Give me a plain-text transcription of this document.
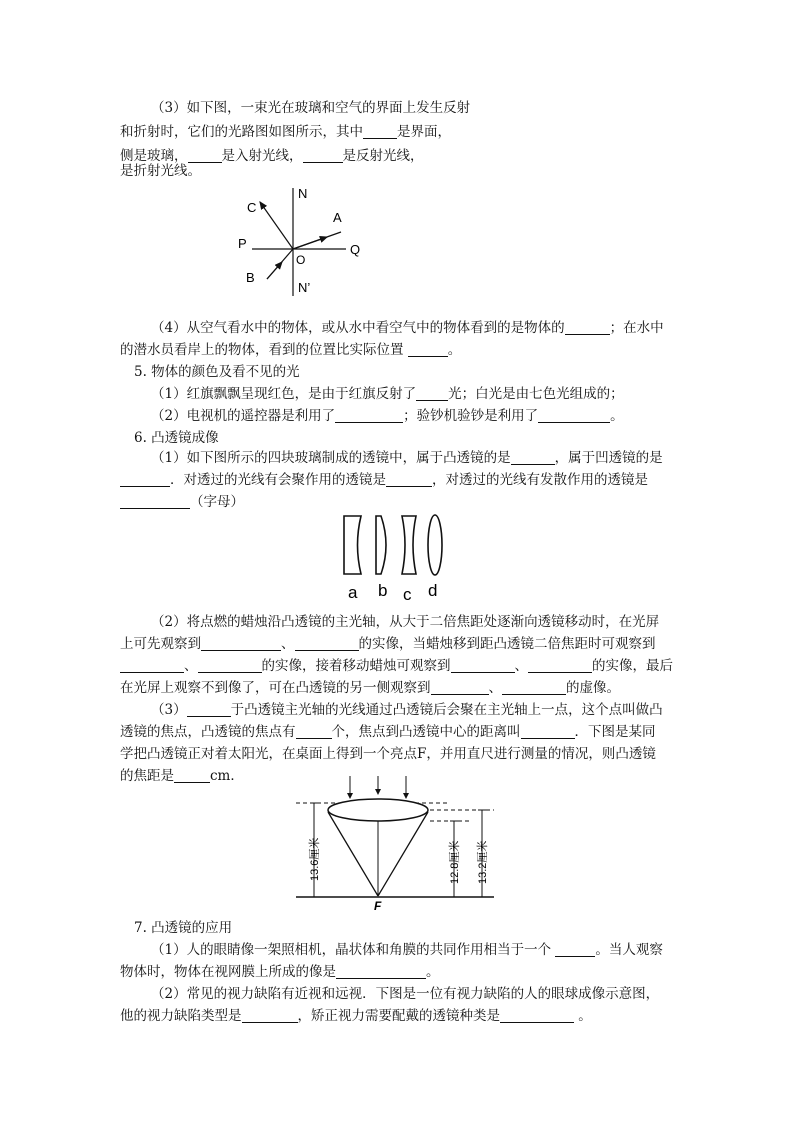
（3）如下图，一束光在玻璃和空气的界面上发生反射
和折射时，它们的光路图如图所示，其中	是界面，
侧是玻璃，	是入射光线，	是反射光线，
是折射光线。
N
N’
P	Q
O
A
B
C
（4）从空气看水中的物体，或从水中看空气中的物体看到的是物体的	；在水中
的潜水员看岸上的物体，看到的位置比实际位置	。
5. 物体的颜色及看不见的光
（1）红旗飘飘呈现红色，是由于红旗反射了 光；白光是由七色光组成的；
（2）电视机的遥控器是利用了	；验钞机验钞是利用了	。
6. 凸透镜成像
（1）如下图所示的四块玻璃制成的透镜中，属于凸透镜的是	，属于凹透镜的是
．对透过的光线有会聚作用的透镜是	，对透过的光线有发散作用的透镜是
（字母）
a b c d
（2）将点燃的蜡烛沿凸透镜的主光轴，从大于二倍焦距处逐渐向透镜移动时，在光屏
上可先观察到	、	的实像，当蜡烛移到距凸透镜二倍焦距时可观察到
、	的实像，接着移动蜡烛可观察到	、	的实像，最后
在光屏上观察不到像了，可在凸透镜的另一侧观察到	、	的虚像。
（3）	于凸透镜主光轴的光线通过凸透镜后会聚在主光轴上一点，这个点叫做凸
透镜的焦点，凸透镜的焦点有	个，焦点到凸透镜中心的距离叫	．下图是某同
学把凸透镜正对着太阳光，在桌面上得到一个亮点F，并用直尺进行测量的情况，则凸透镜
的焦距是	cm．
13.6厘米	12.8厘米 13.2厘米
F
7. 凸透镜的应用
（1）人的眼睛像一架照相机，晶状体和角膜的共同作用相当于一个	。当人观察
物体时，物体在视网膜上所成的像是	。
（2）常见的视力缺陷有近视和远视．下图是一位有视力缺陷的人的眼球成像示意图，
他的视力缺陷类型是	，矫正视力需要配戴的透镜种类是	。
